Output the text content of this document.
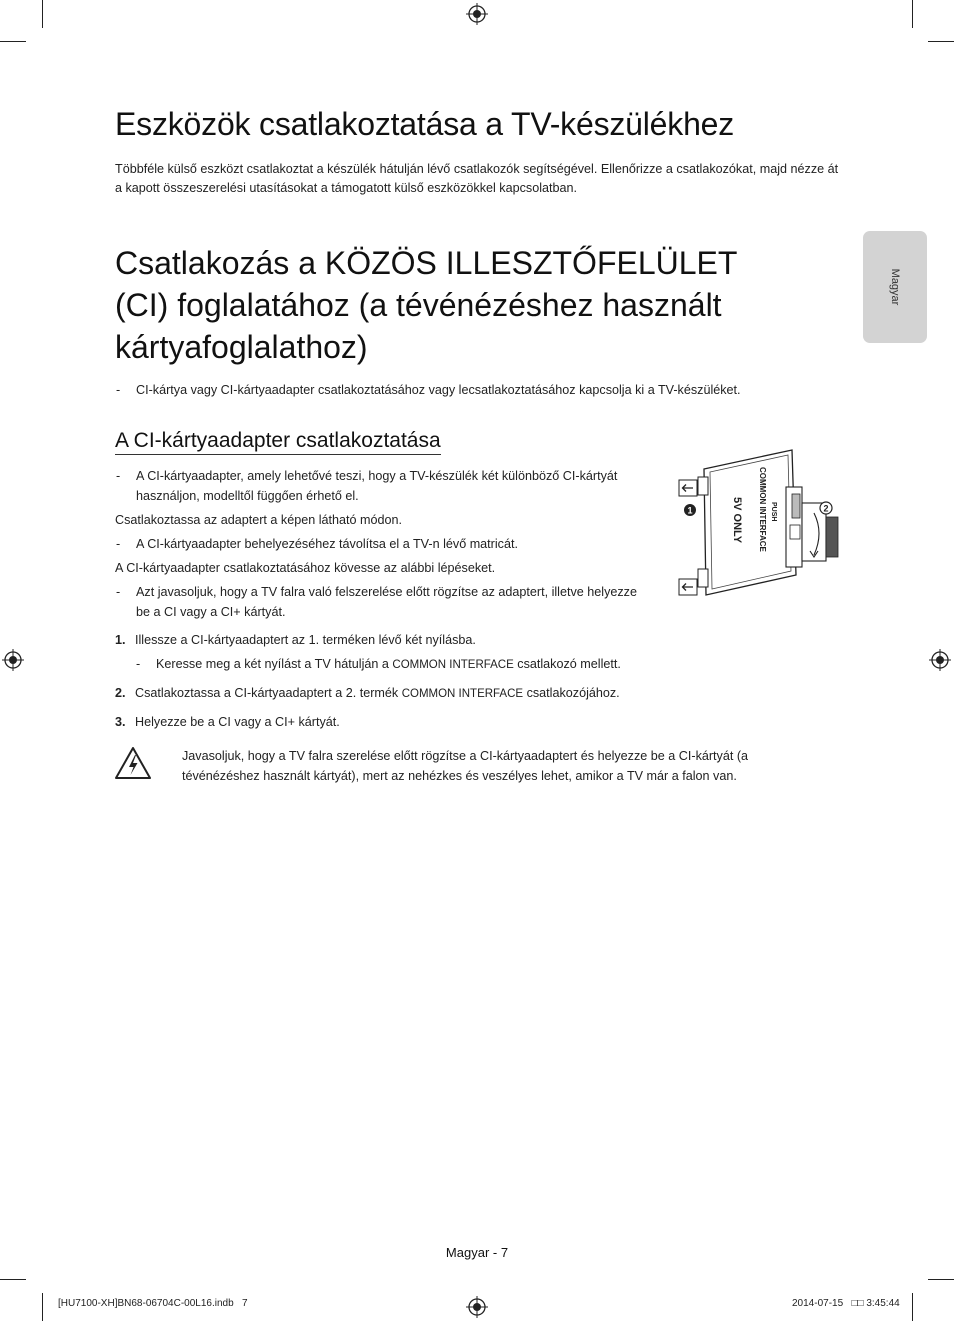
Magyar
Eszközök csatlakoztatása a TV-készülékhez
Többféle külső eszközt csatlakoztat a készülék hátulján lévő csatlakozók segítségével. Ellenőrizze a csatlakozókat, majd nézze át a kapott összeszerelési utasításokat a támogatott külső eszközökkel kapcsolatban.
Csatlakozás a KÖZÖS ILLESZTŐFELÜLET
(CI) foglalatához (a tévénézéshez használt
kártyafoglalathoz)
- CI-kártya vagy CI-kártyaadapter csatlakoztatásához vagy lecsatlakoztatásához kapcsolja ki a TV-készüléket.
A CI-kártyaadapter csatlakoztatása
- A CI-kártyaadapter, amely lehetővé teszi, hogy a TV-készülék két különböző CI-kártyát
használjon, modelltől függően érhető el.
Csatlakoztassa az adaptert a képen látható módon.
- A CI-kártyaadapter behelyezéséhez távolítsa el a TV-n lévő matricát.
A CI-kártyaadapter csatlakoztatásához kövesse az alábbi lépéseket.
- Azt javasoljuk, hogy a TV falra való felszerelése előtt rögzítse az adaptert, illetve helyezze
be a CI vagy a CI+ kártyát.
1. Illessze a CI-kártyaadaptert az 1. terméken lévő két nyílásba.
- Keresse meg a két nyílást a TV hátulján a COMMON INTERFACE csatlakozó mellett.
2. Csatlakoztassa a CI-kártyaadaptert a 2. termék COMMON INTERFACE csatlakozójához.
3. Helyezze be a CI vagy a CI+ kártyát.
Javasoljuk, hogy a TV falra szerelése előtt rögzítse a CI-kártyaadaptert és helyezze be a CI-kártyát (a
tévénézéshez használt kártyát), mert az nehézkes és veszélyes lehet, amikor a TV már a falon van.
1	2
COMMON INTERFACE
5V ONLY	PUSH
Magyar - 7
[HU7100-XH]BN68-06704C-00L16.indb   7	2014-07-15   □□ 3:45:44
